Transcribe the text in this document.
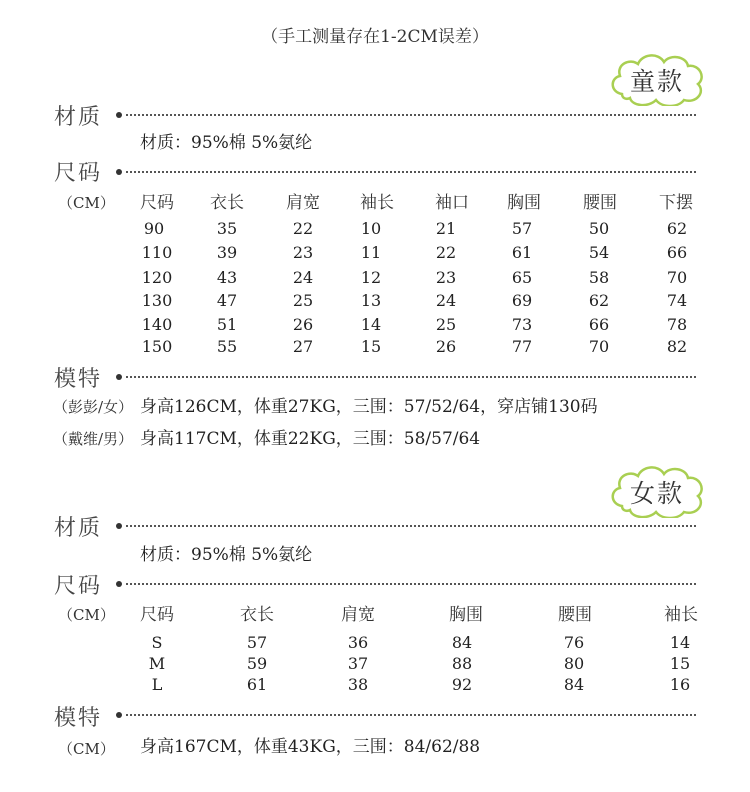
（手工测量存在1-2CM误差）
童款
材质
材质：95%棉 5%氨纶
尺码
（CM）	尺码	衣长	肩宽	袖长	袖口	胸围	腰围	下摆
90	35	22	10	21	57	50	62
110	39	23	11	22	61	54	66
120	43	24	12	23	65	58	70
130	47	25	13	24	69	62	74
140	51	26	14	25	73	66	78
150	55	27	15	26	77	70	82
模特
（彭彭/女） 身高126CM，体重27KG，三围：57/52/64，穿店铺130码
（戴维/男） 身高117CM，体重22KG，三围：58/57/64
女款
材质
材质：95%棉 5%氨纶
尺码
（CM）	尺码	衣长	肩宽	胸围	腰围	袖长
S	57	36	84	76	14
M	59	37	88	80	15
L	61	38	92	84	16
模特
（CM） 身高167CM，体重43KG，三围：84/62/88
